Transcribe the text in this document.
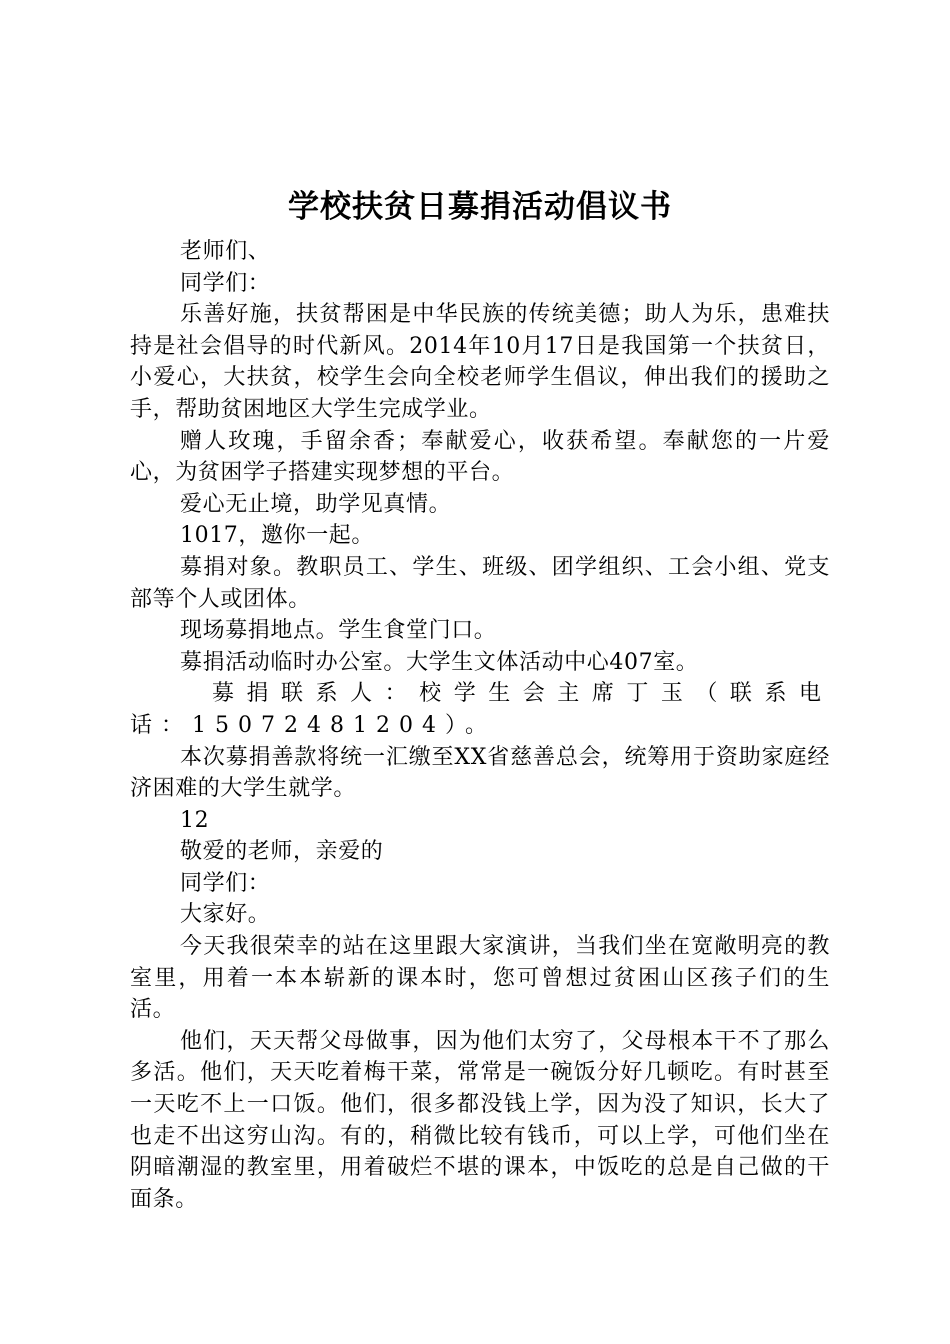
学校扶贫日募捐活动倡议书

老师们、

同学们：

乐善好施，扶贫帮困是中华民族的传统美德；助人为乐，患难扶持是社会倡导的时代新风。2014年10月17日是我国第一个扶贫日，小爱心，大扶贫，校学生会向全校老师学生倡议，伸出我们的援助之手，帮助贫困地区大学生完成学业。

赠人玫瑰，手留余香；奉献爱心，收获希望。奉献您的一片爱心，为贫困学子搭建实现梦想的平台。

爱心无止境，助学见真情。

1017，邀你一起。

募捐对象。教职员工、学生、班级、团学组织、工会小组、党支部等个人或团体。

现场募捐地点。学生食堂门口。

募捐活动临时办公室。大学生文体活动中心407室。

募捐联系人：校学生会主席丁玉（联系电话：15072481204）。

本次募捐善款将统一汇缴至XX省慈善总会，统筹用于资助家庭经济困难的大学生就学。

12

敬爱的老师，亲爱的

同学们：

大家好。

今天我很荣幸的站在这里跟大家演讲，当我们坐在宽敞明亮的教室里，用着一本本崭新的课本时，您可曾想过贫困山区孩子们的生活。

他们，天天帮父母做事，因为他们太穷了，父母根本干不了那么多活。他们，天天吃着梅干菜，常常是一碗饭分好几顿吃。有时甚至一天吃不上一口饭。他们，很多都没钱上学，因为没了知识，长大了也走不出这穷山沟。有的，稍微比较有钱币，可以上学，可他们坐在阴暗潮湿的教室里，用着破烂不堪的课本，中饭吃的总是自己做的干面条。
